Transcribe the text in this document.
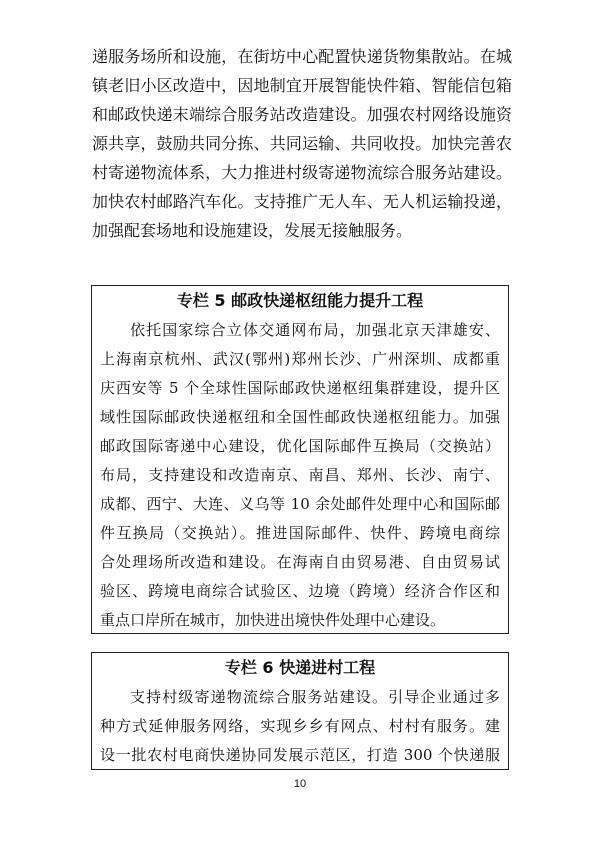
递服务场所和设施，在街坊中心配置快递货物集散站。在城
镇老旧小区改造中，因地制宜开展智能快件箱、智能信包箱
和邮政快递末端综合服务站改造建设。加强农村网络设施资
源共享，鼓励共同分拣、共同运输、共同收投。加快完善农
村寄递物流体系，大力推进村级寄递物流综合服务站建设。
加快农村邮路汽车化。支持推广无人车、无人机运输投递，
加强配套场地和设施建设，发展无接触服务。
专栏 5 邮政快递枢纽能力提升工程
依托国家综合立体交通网布局，加强北京天津雄安、
上海南京杭州、武汉(鄂州)郑州长沙、广州深圳、成都重
庆西安等 5 个全球性国际邮政快递枢纽集群建设，提升区
域性国际邮政快递枢纽和全国性邮政快递枢纽能力。加强
邮政国际寄递中心建设，优化国际邮件互换局（交换站）
布局，支持建设和改造南京、南昌、郑州、长沙、南宁、
成都、西宁、大连、义乌等 10 余处邮件处理中心和国际邮
件互换局（交换站）。推进国际邮件、快件、跨境电商综
合处理场所改造和建设。在海南自由贸易港、自由贸易试
验区、跨境电商综合试验区、边境（跨境）经济合作区和
重点口岸所在城市，加快进出境快件处理中心建设。
专栏 6 快递进村工程
支持村级寄递物流综合服务站建设。引导企业通过多
种方式延伸服务网络，实现乡乡有网点、村村有服务。建
设一批农村电商快递协同发展示范区，打造 300 个快递服
10
